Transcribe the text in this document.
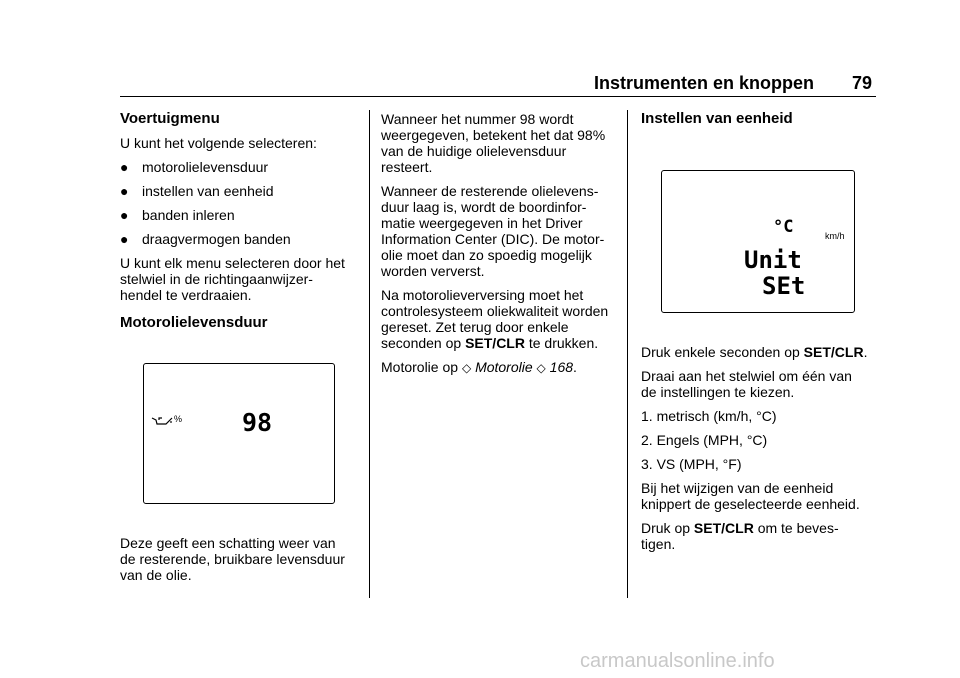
Instrumenten en knoppen 79
Voertuigmenu

U kunt het volgende selecteren:

● motorolielevensduur
● instellen van eenheid
● banden inleren
● draagvermogen banden

U kunt elk menu selecteren door het
stelwiel in de richtingaanwijzer-
hendel te verdraaien.

Motorolielevensduur
% 98

Deze geeft een schatting weer van
de resterende, bruikbare levensduur
van de olie.

Wanneer het nummer 98 wordt
weergegeven, betekent het dat 98%
van de huidige olielevensduur
resteert.

Wanneer de resterende olielevens-
duur laag is, wordt de boordinfor-
matie weergegeven in het Driver
Information Center (DIC). De motor-
olie moet dan zo spoedig mogelijk
worden ververst.

Na motorolieverversing moet het
controlesysteem oliekwaliteit worden
gereset. Zet terug door enkele
seconden op SET/CLR te drukken.

Motorolie op ◇ Motorolie ◇ 168.

Instellen van eenheid
°C	km/h
Unit
SEt

Druk enkele seconden op SET/CLR.

Draai aan het stelwiel om één van
de instellingen te kiezen.

1. metrisch (km/h, °C)

2. Engels (MPH, °C)

3. VS (MPH, °F)

Bij het wijzigen van de eenheid
knippert de geselecteerde eenheid.

Druk op SET/CLR om te beves-
tigen.

carmanualsonline.info
